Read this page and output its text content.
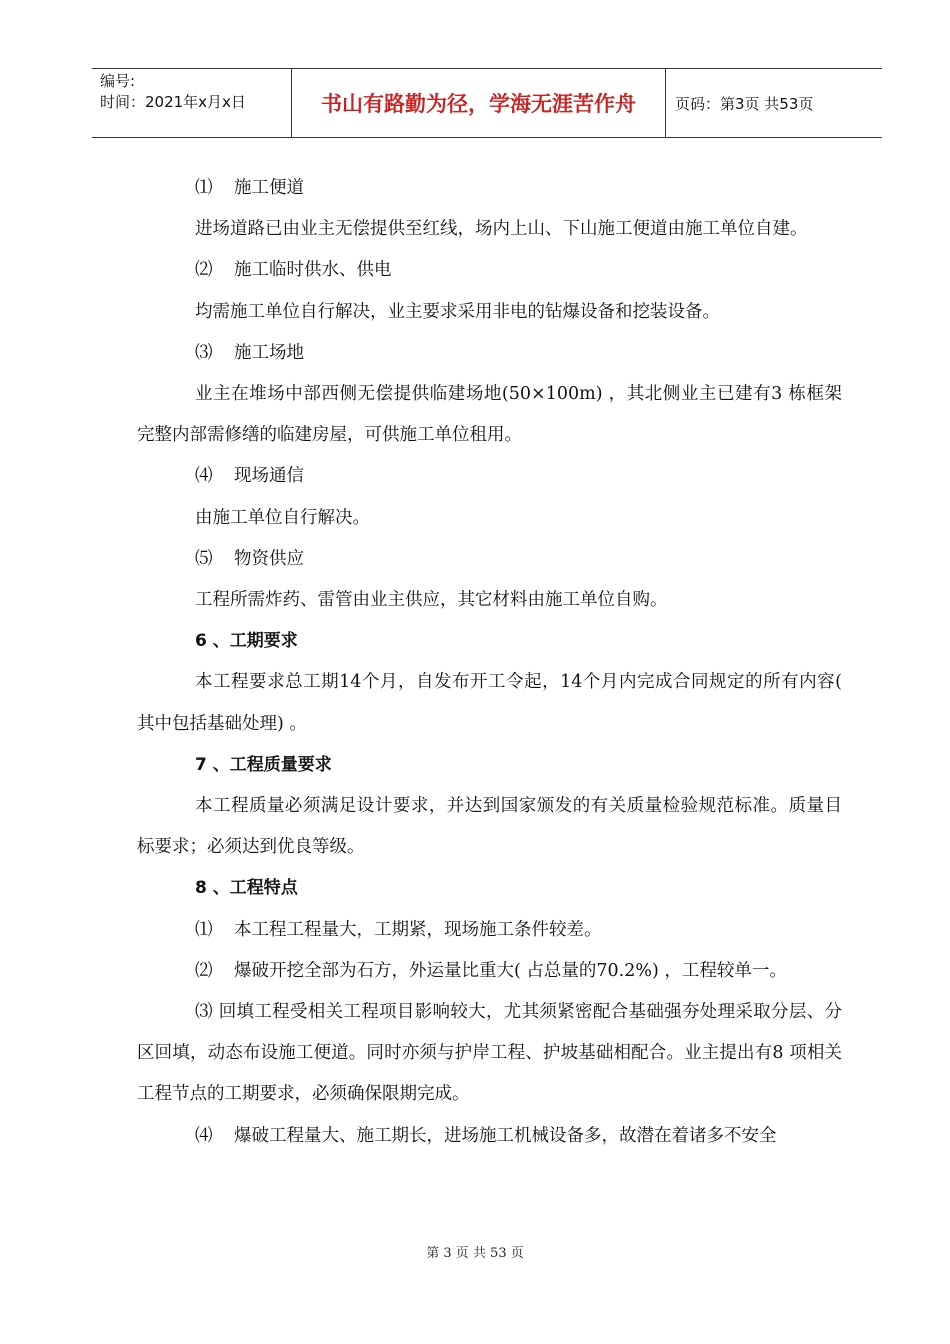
编号:
时间：2021年x月x日	书山有路勤为径，学海无涯苦作舟	页码：第3页 共53页

⑴ 施工便道

进场道路已由业主无偿提供至红线，场内上山、下山施工便道由施工单位自建。

⑵ 施工临时供水、供电

均需施工单位自行解决，业主要求采用非电的钻爆设备和挖装设备。

⑶ 施工场地

业主在堆场中部西侧无偿提供临建场地(50×100m) ，其北侧业主已建有3 栋框架完整内部需修缮的临建房屋，可供施工单位租用。

⑷ 现场通信

由施工单位自行解决。

⑸ 物资供应

工程所需炸药、雷管由业主供应，其它材料由施工单位自购。

6 、工期要求

本工程要求总工期14个月，自发布开工令起，14个月内完成合同规定的所有内容( 其中包括基础处理) 。

7 、工程质量要求

本工程质量必须满足设计要求，并达到国家颁发的有关质量检验规范标准。质量目标要求；必须达到优良等级。

8 、工程特点

⑴ 本工程工程量大，工期紧，现场施工条件较差。

⑵ 爆破开挖全部为石方，外运量比重大( 占总量的70.2%) ，工程较单一。

⑶ 回填工程受相关工程项目影响较大，尤其须紧密配合基础强夯处理采取分层、分区回填，动态布设施工便道。同时亦须与护岸工程、护坡基础相配合。业主提出有8 项相关工程节点的工期要求，必须确保限期完成。

⑷ 爆破工程量大、施工期长，进场施工机械设备多，故潜在着诸多不安全

第 3 页 共 53 页
